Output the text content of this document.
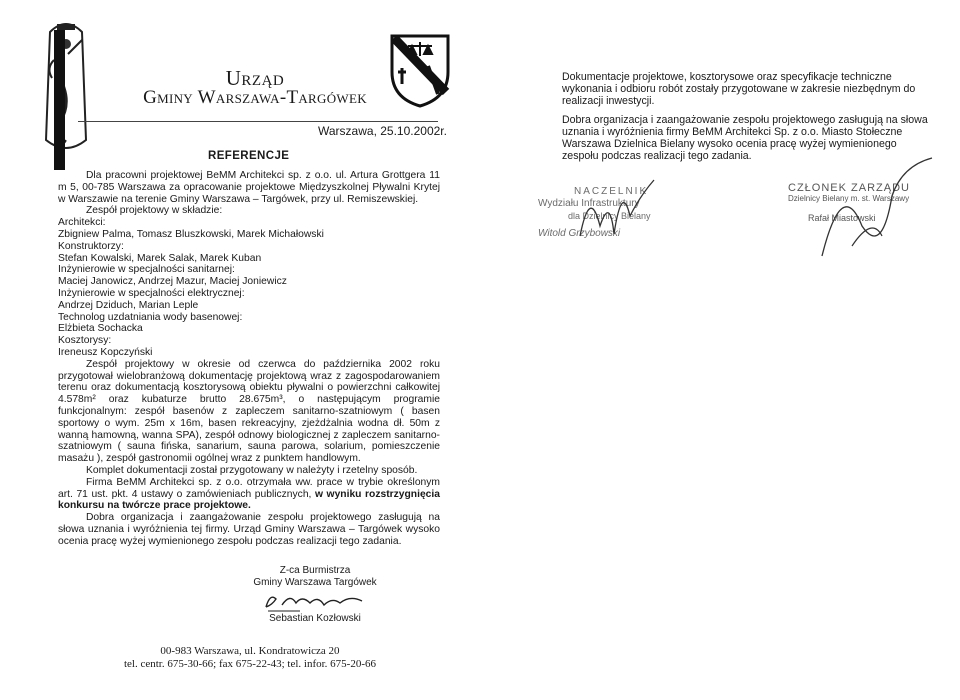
Urząd
Gminy Warszawa-Targówek
Warszawa, 25.10.2002r.
REFERENCJE

Dla pracowni projektowej BeMM Architekci sp. z o.o. ul. Artura Grottgera 11 m 5, 00-785 Warszawa za opracowanie projektowe Międzyszkolnej Pływalni Krytej w Warszawie na terenie Gminy Warszawa – Targówek, przy ul. Remiszewskiej.

Zespół projektowy w składzie:

Architekci:

Zbigniew Palma, Tomasz Bluszkowski, Marek Michałowski

Konstruktorzy:

Stefan Kowalski, Marek Salak, Marek Kuban

Inżynierowie w specjalności sanitarnej:

Maciej Janowicz, Andrzej Mazur, Maciej Joniewicz

Inżynierowie w specjalności elektrycznej:

Andrzej Dziduch, Marian Leple

Technolog uzdatniania wody basenowej:

Elżbieta Sochacka

Kosztorysy:

Ireneusz Kopczyński

Zespół projektowy w okresie od czerwca do października 2002 roku przygotował wielobranżową dokumentację projektową wraz z zagospodarowaniem terenu oraz dokumentacją kosztorysową obiektu pływalni o powierzchni całkowitej 4.578m² oraz kubaturze brutto 28.675m³, o następującym programie funkcjonalnym: zespół basenów z zapleczem sanitarno-szatniowym ( basen sportowy o wym. 25m x 16m, basen rekreacyjny, zjeżdżalnia wodna dł. 50m z wanną hamowną, wanna SPA), zespół odnowy biologicznej z zapleczem sanitarno-szatniowym ( sauna fińska, sanarium, sauna parowa, solarium, pomieszczenie masażu ), zespół gastronomii ogólnej wraz z punktem handlowym.

Komplet dokumentacji został przygotowany w należyty i rzetelny sposób.

Firma BeMM Architekci sp. z o.o. otrzymała ww. prace w trybie określonym art. 71 ust. pkt. 4 ustawy o zamówieniach publicznych, w wyniku rozstrzygnięcia konkursu na twórcze prace projektowe.

Dobra organizacja i zaangażowanie zespołu projektowego zasługują na słowa uznania i wyróżnienia tej firmy. Urząd Gminy Warszawa – Targówek wysoko ocenia pracę wyżej wymienionego zespołu podczas realizacji tego zadania.

Z-ca Burmistrza
Gminy Warszawa Targówek
Sebastian Kozłowski
00-983 Warszawa, ul. Kondratowicza 20
tel. centr. 675-30-66; fax 675-22-43; tel. infor. 675-20-66

Dokumentacje projektowe, kosztorysowe oraz specyfikacje techniczne wykonania i odbioru robót zostały przygotowane w zakresie niezbędnym do realizacji inwestycji.

Dobra organizacja i zaangażowanie zespołu projektowego zasługują na słowa uznania i wyróżnienia firmy BeMM Architekci Sp. z o.o. Miasto Stołeczne Warszawa Dzielnica Bielany wysoko ocenia pracę wyżej wymienionego zespołu podczas realizacji tego zadania.

NACZELNIK
Wydziału Infrastruktury
dla Dzielnicy Bielany
Witold Grzybowski
CZŁONEK ZARZĄDU
Dzielnicy Bielany m. st. Warszawy
Rafał Miastowski
